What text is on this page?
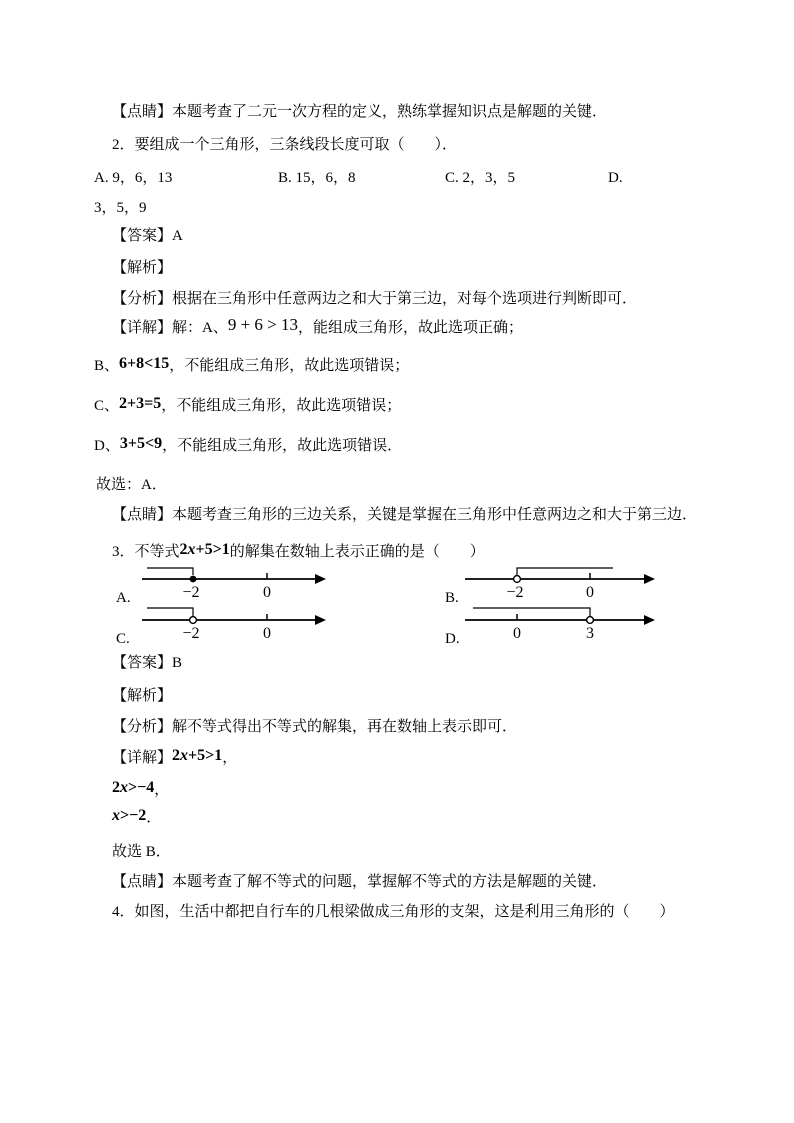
【点睛】本题考查了二元一次方程的定义，熟练掌握知识点是解题的关键．
2．要组成一个三角形，三条线段长度可取（　　）．
A. 9，6，13	B. 15，6，8	C. 2，3，5	D.
3，5，9
【答案】A
【解析】
【分析】根据在三角形中任意两边之和大于第三边，对每个选项进行判断即可．
【详解】解：A、9 + 6 > 13，能组成三角形，故此选项正确；
B、6+8<15，不能组成三角形，故此选项错误；
C、2+3=5，不能组成三角形，故此选项错误；
D、3+5<9，不能组成三角形，故此选项错误．
故选：A．
【点睛】本题考查三角形的三边关系，关键是掌握在三角形中任意两边之和大于第三边．
3．不等式2x+5>1的解集在数轴上表示正确的是（　　）
−2	0
A.	−2	0
B.
−2	0
C.	0	3
D.
【答案】B
【解析】
【分析】解不等式得出不等式的解集，再在数轴上表示即可．
【详解】2x+5>1，
2x>−4，
x>−2．
故选 B．
【点睛】本题考查了解不等式的问题，掌握解不等式的方法是解题的关键．
4．如图，生活中都把自行车的几根梁做成三角形的支架，这是利用三角形的（　　）
